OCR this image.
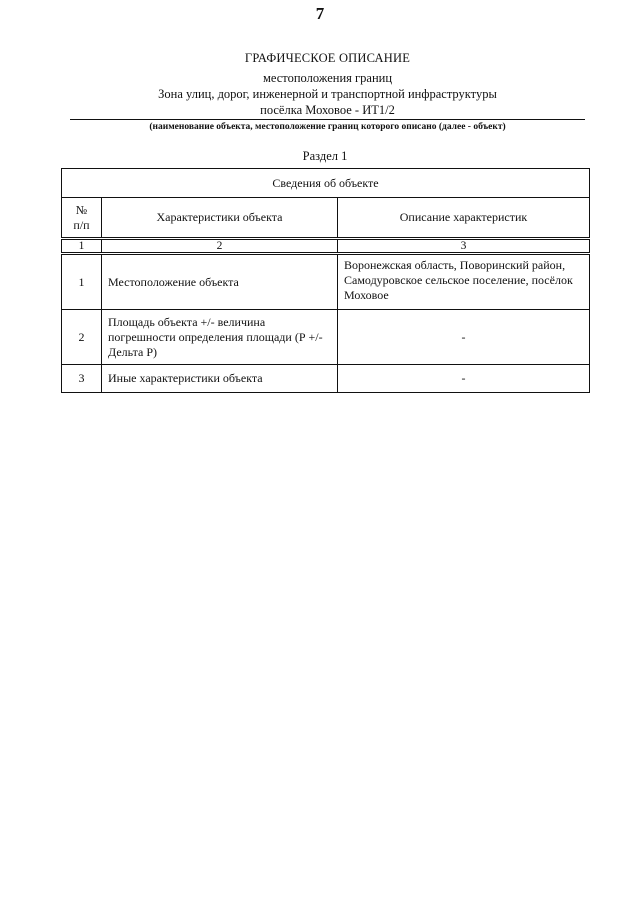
7
ГРАФИЧЕСКОЕ ОПИСАНИЕ
местоположения границ
Зона улиц, дорог, инженерной и транспортной инфраструктуры
посёлка Моховое - ИТ1/2
(наименование объекта, местоположение границ которого описано (далее - объект)
Раздел 1
Сведения об объекте		
№ п/п	Характеристики объекта	Описание характеристик
1	2	3
1	Местоположение объекта	Воронежская область, Поворинский район, Самодуровское сельское поселение, посёлок Моховое
2	Площадь объекта +/- величина погрешности определения площади (Р +/- Дельта Р)	-
3	Иные характеристики объекта	-
